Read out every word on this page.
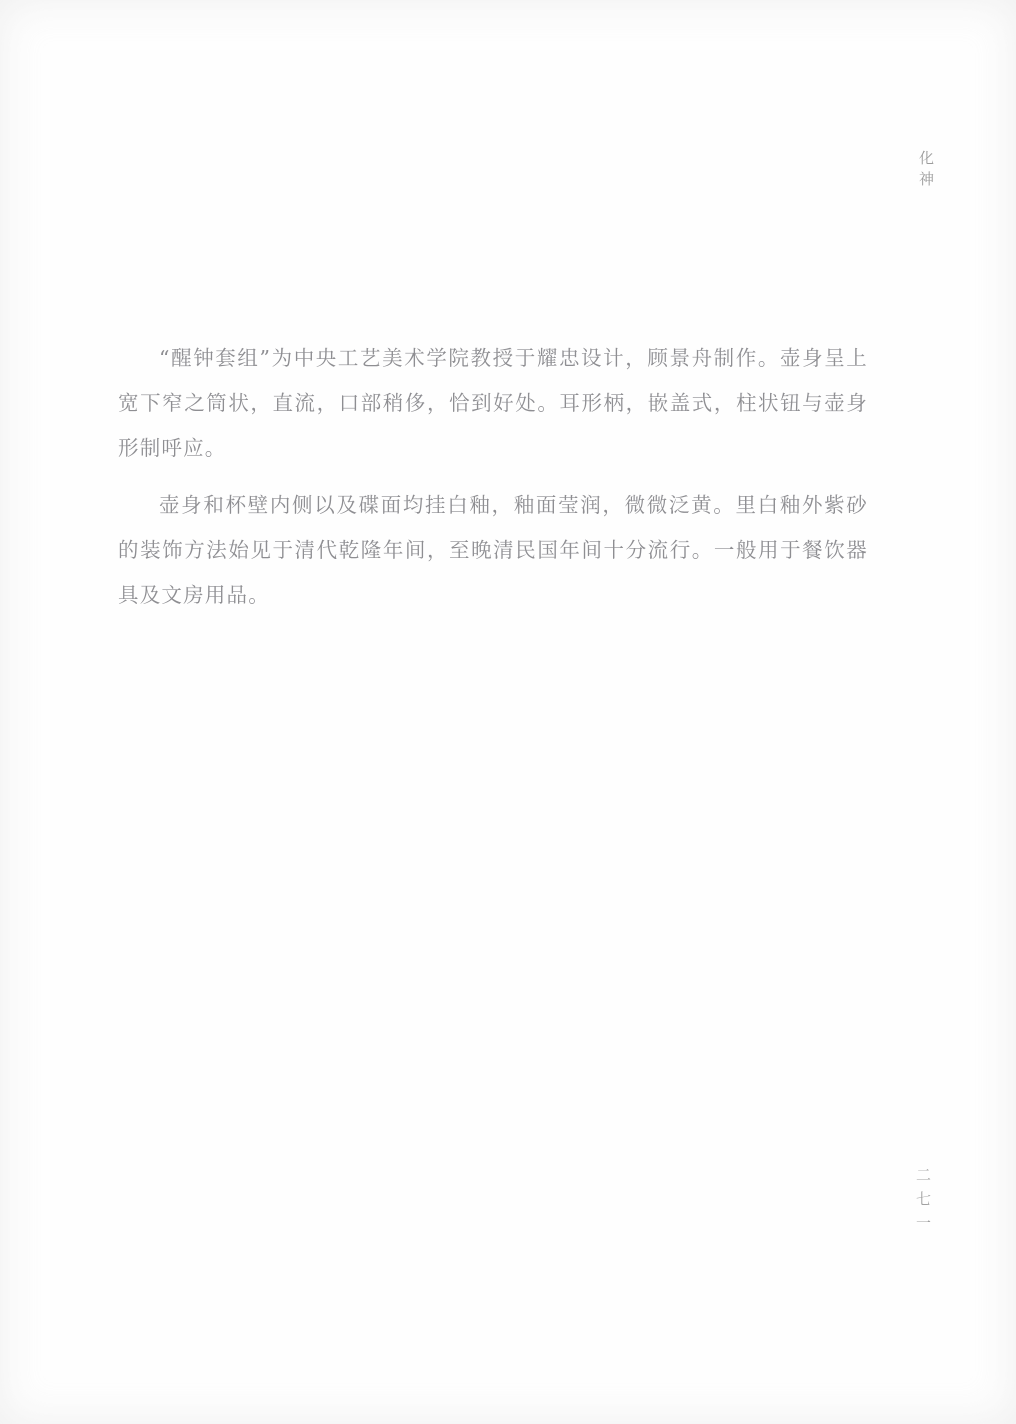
化神

“醒钟套组”为中央工艺美术学院教授于耀忠设计，顾景舟制作。壶身呈上宽下窄之筒状，直流，口部稍侈，恰到好处。耳形柄，嵌盖式，柱状钮与壶身形制呼应。

壶身和杯壁内侧以及碟面均挂白釉，釉面莹润，微微泛黄。里白釉外紫砂的装饰方法始见于清代乾隆年间，至晚清民国年间十分流行。一般用于餐饮器具及文房用品。

二七一
